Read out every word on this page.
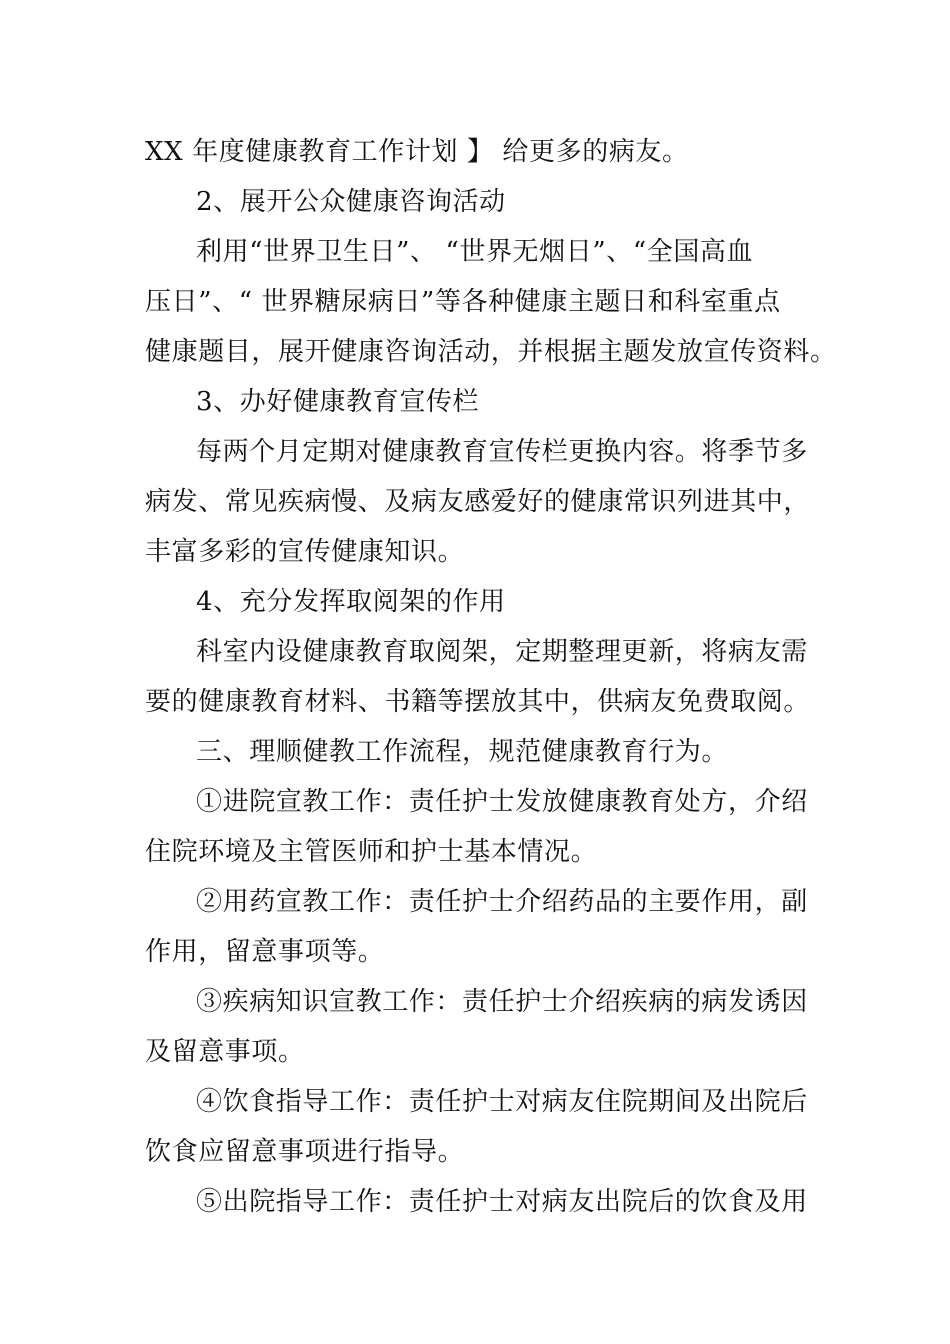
XX 年度健康教育工作计划 】 给更多的病友。
2、展开公众健康咨询活动
利用“世界卫生日”、 “世界无烟日”、“全国高血
压日”、“ 世界糖尿病日”等各种健康主题日和科室重点
健康题目，展开健康咨询活动，并根据主题发放宣传资料。
3、办好健康教育宣传栏
每两个月定期对健康教育宣传栏更换内容。将季节多
病发、常见疾病慢、及病友感爱好的健康常识列进其中，
丰富多彩的宣传健康知识。
4、充分发挥取阅架的作用
科室内设健康教育取阅架，定期整理更新，将病友需
要的健康教育材料、书籍等摆放其中，供病友免费取阅。
三、理顺健教工作流程，规范健康教育行为。
①进院宣教工作：责任护士发放健康教育处方，介绍
住院环境及主管医师和护士基本情况。
②用药宣教工作：责任护士介绍药品的主要作用，副
作用，留意事项等。
③疾病知识宣教工作：责任护士介绍疾病的病发诱因
及留意事项。
④饮食指导工作：责任护士对病友住院期间及出院后
饮食应留意事项进行指导。
⑤出院指导工作：责任护士对病友出院后的饮食及用
